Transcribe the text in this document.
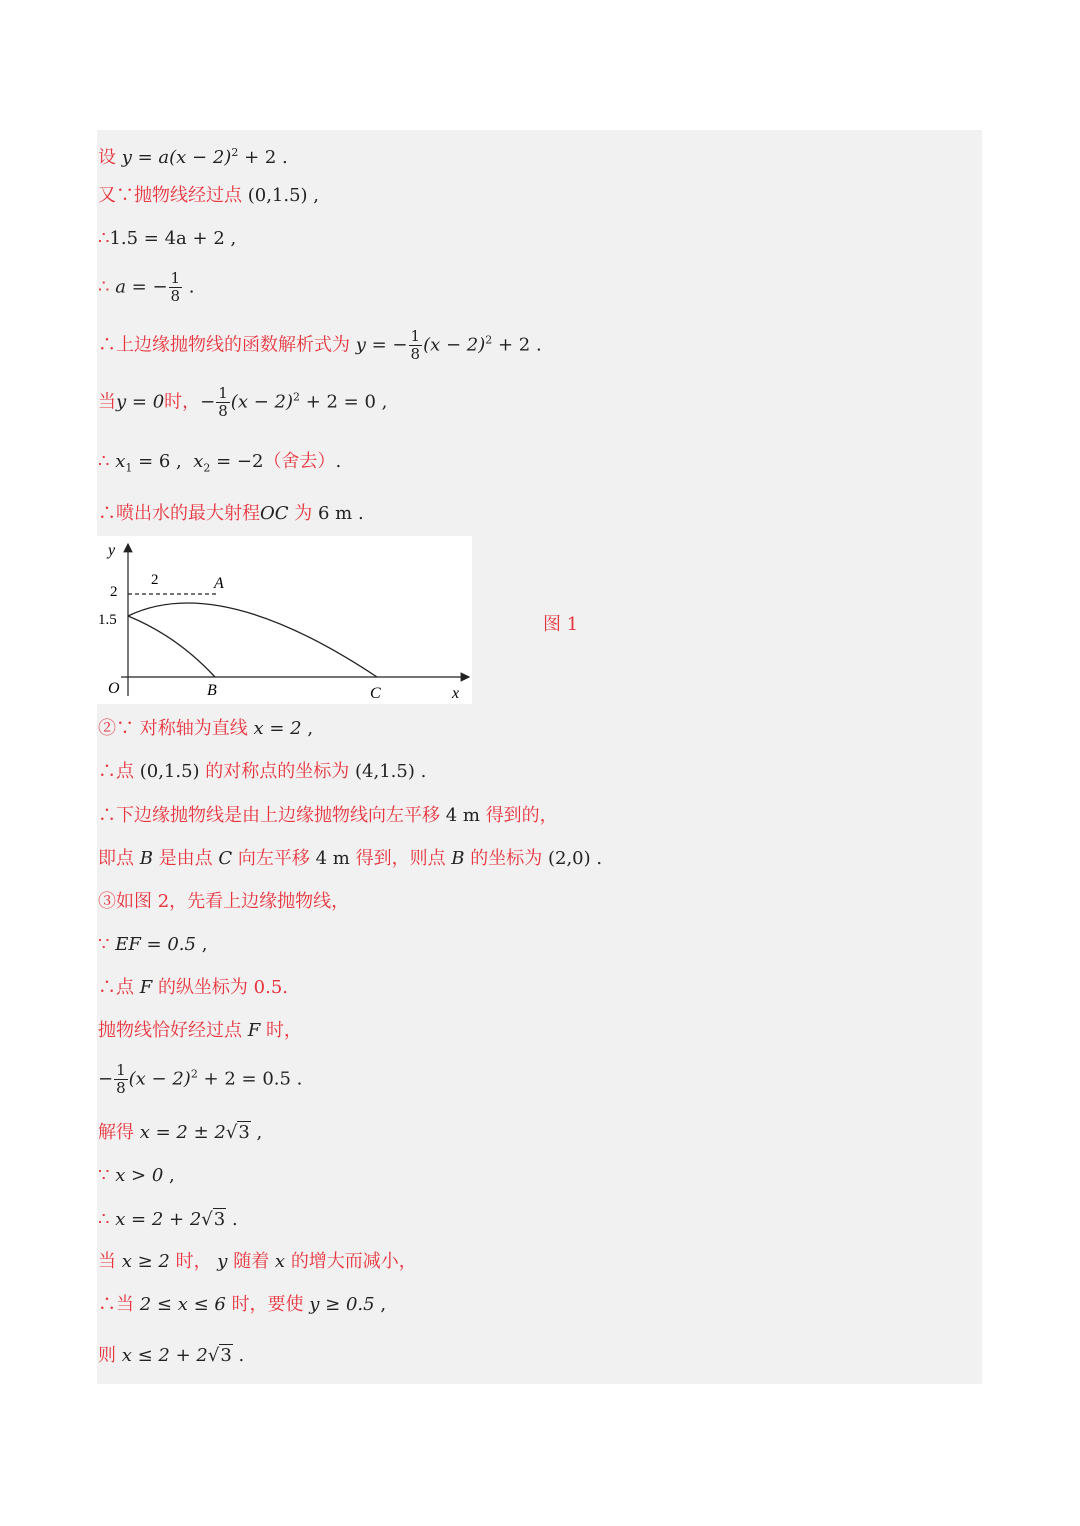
设 $y = a(x - 2)^2 + 2$ .
又∵抛物线经过点 (0,1.5) ,
∴1.5 = 4a + 2 ,
∴ a = − $\frac{1}{8}$ .
∴上边缘抛物线的函数解析式为 y = − $\frac{1}{8} (x - 2)^2 + 2$ .
当y = 0时，− $\frac{1}{8} (x - 2)^2 + 2 = 0$ ,
∴ $x_1 = 6$ , $x_2 = -2$（舍去）.
∴喷出水的最大射程OC 为 6 m .
y
x
O
2
1.5
2	A
B	C
图 1
②∵ 对称轴为直线 x = 2 ,
∴点 (0,1.5) 的对称点的坐标为 (4,1.5) .
∴下边缘抛物线是由上边缘抛物线向左平移 4 m 得到的，
即点 B 是由点 C 向左平移 4 m 得到，则点 B 的坐标为 (2,0) .
③如图 2，先看上边缘抛物线，
∵ EF = 0.5 ,
∴点 F 的纵坐标为 0.5.
抛物线恰好经过点 F 时，
− $\frac{1}{8} (x - 2)^2 + 2 = 0.5$ .
解得 x = 2 ± 2√3 ,
∵ x > 0 ,
∴ x = 2 + 2√3 .
当 x ≥ 2 时， y 随着 x 的增大而减小，
∴当 2 ≤ x ≤ 6 时，要使 y ≥ 0.5 ,
则 x ≤ 2 + 2√3 .
